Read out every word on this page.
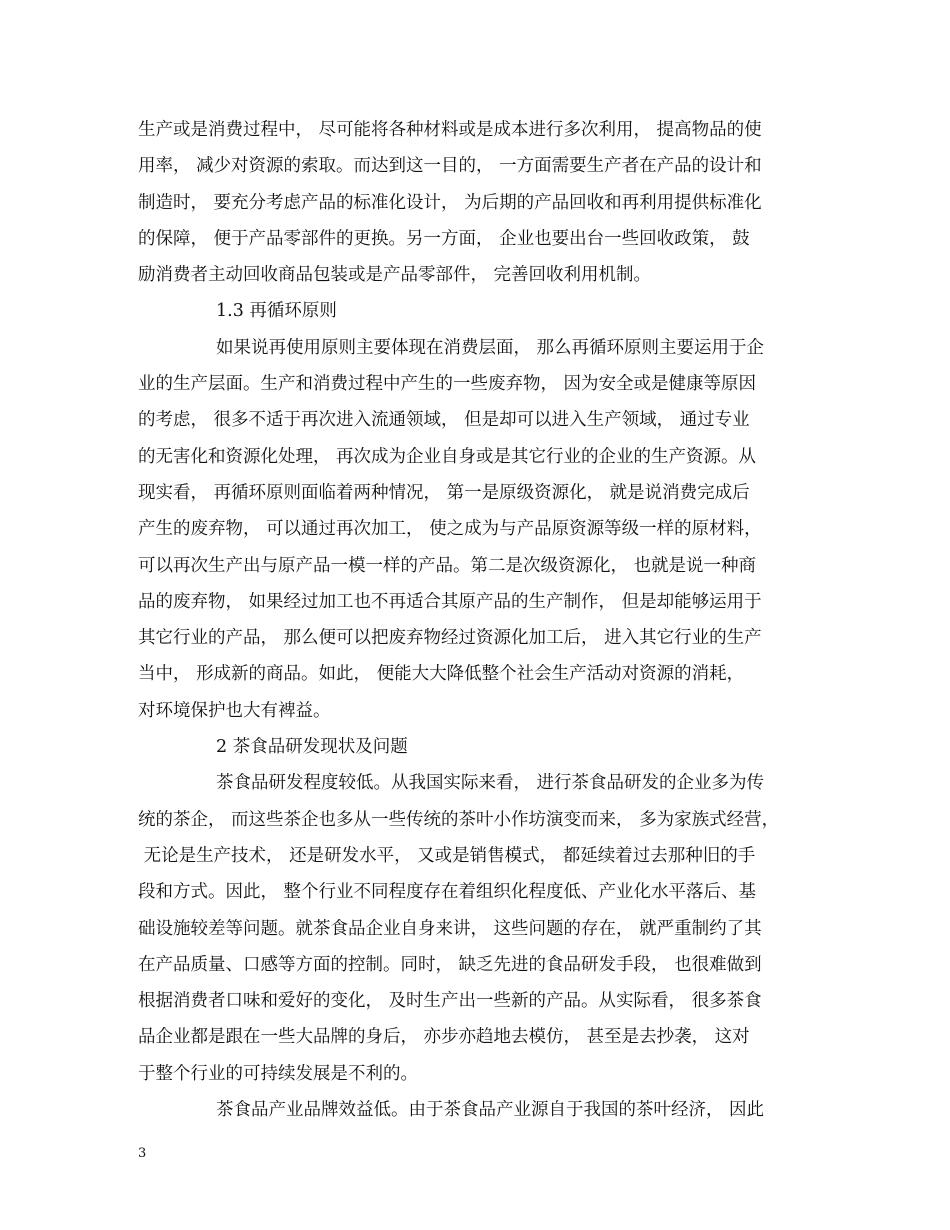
生产或是消费过程中， 尽可能将各种材料或是成本进行多次利用， 提高物品的使
用率， 减少对资源的索取。而达到这一目的， 一方面需要生产者在产品的设计和
制造时， 要充分考虑产品的标准化设计， 为后期的产品回收和再利用提供标准化
的保障， 便于产品零部件的更换。另一方面， 企业也要出台一些回收政策， 鼓
励消费者主动回收商品包装或是产品零部件， 完善回收利用机制。
1.3 再循环原则
如果说再使用原则主要体现在消费层面， 那么再循环原则主要运用于企
业的生产层面。生产和消费过程中产生的一些废弃物， 因为安全或是健康等原因
的考虑， 很多不适于再次进入流通领域， 但是却可以进入生产领域， 通过专业
的无害化和资源化处理， 再次成为企业自身或是其它行业的企业的生产资源。从
现实看， 再循环原则面临着两种情况， 第一是原级资源化， 就是说消费完成后
产生的废弃物， 可以通过再次加工， 使之成为与产品原资源等级一样的原材料，
可以再次生产出与原产品一模一样的产品。第二是次级资源化， 也就是说一种商
品的废弃物， 如果经过加工也不再适合其原产品的生产制作， 但是却能够运用于
其它行业的产品， 那么便可以把废弃物经过资源化加工后， 进入其它行业的生产
当中， 形成新的商品。如此， 便能大大降低整个社会生产活动对资源的消耗，
对环境保护也大有裨益。
2 茶食品研发现状及问题
茶食品研发程度较低。从我国实际来看， 进行茶食品研发的企业多为传
统的茶企， 而这些茶企也多从一些传统的茶叶小作坊演变而来， 多为家族式经营，
无论是生产技术， 还是研发水平， 又或是销售模式， 都延续着过去那种旧的手
段和方式。因此， 整个行业不同程度存在着组织化程度低、产业化水平落后、基
础设施较差等问题。就茶食品企业自身来讲， 这些问题的存在， 就严重制约了其
在产品质量、口感等方面的控制。同时， 缺乏先进的食品研发手段， 也很难做到
根据消费者口味和爱好的变化， 及时生产出一些新的产品。从实际看， 很多茶食
品企业都是跟在一些大品牌的身后， 亦步亦趋地去模仿， 甚至是去抄袭， 这对
于整个行业的可持续发展是不利的。
茶食品产业品牌效益低。由于茶食品产业源自于我国的茶叶经济， 因此
3
